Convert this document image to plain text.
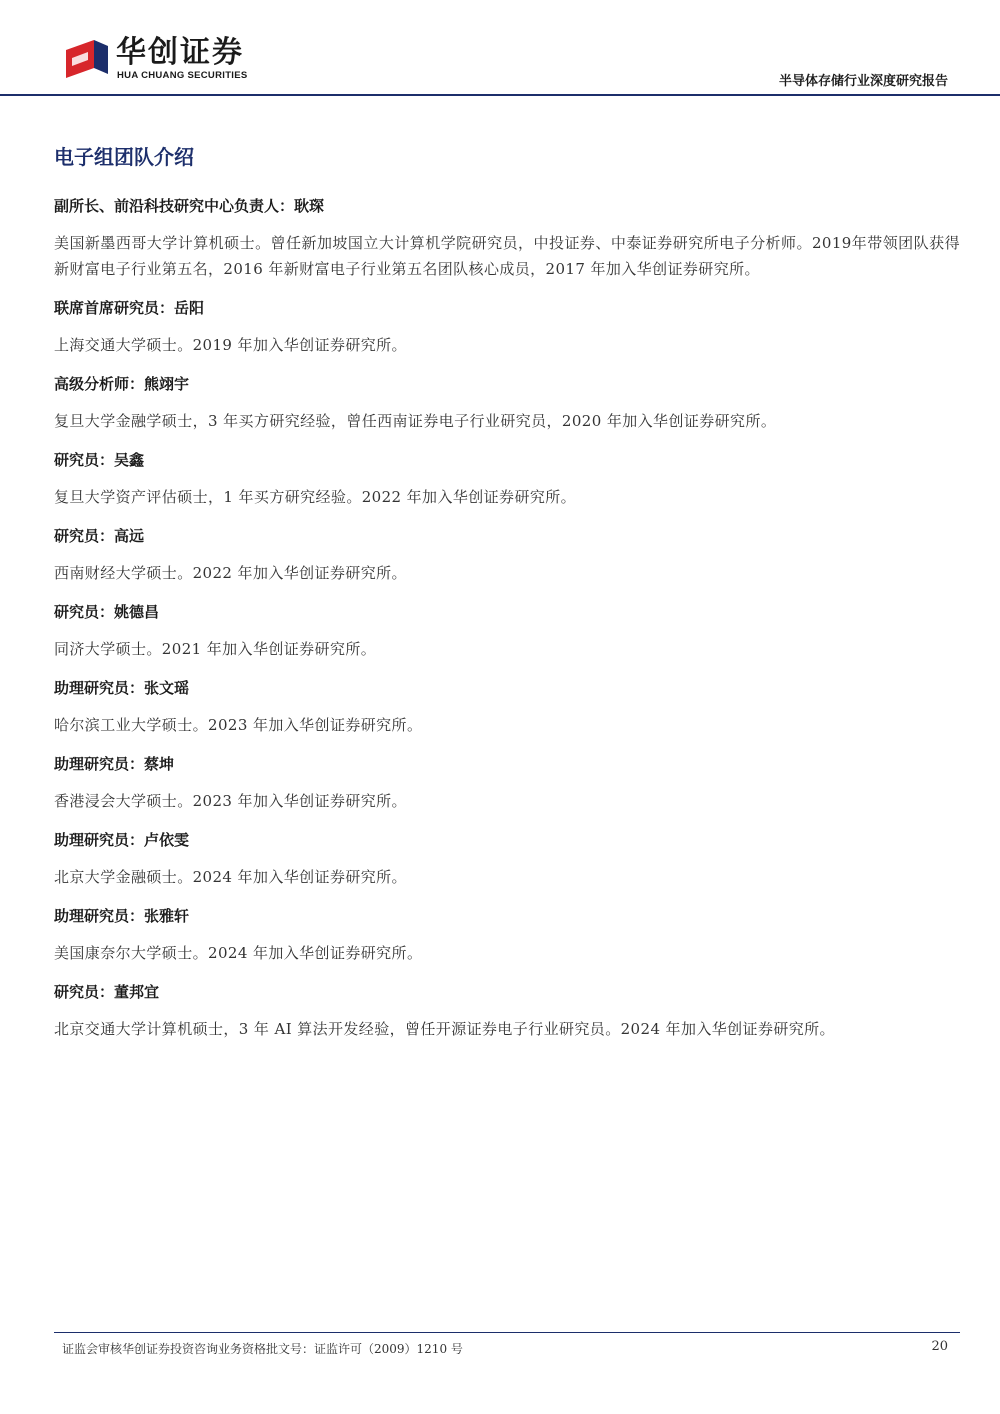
华创证券
HUA CHUANG SECURITIES	半导体存储行业深度研究报告
电子组团队介绍
副所长、前沿科技研究中心负责人：耿琛

美国新墨西哥大学计算机硕士。曾任新加坡国立大计算机学院研究员，中投证券、中泰证券研究所电子分析师。2019年带领团队获得新财富电子行业第五名，2016 年新财富电子行业第五名团队核心成员，2017 年加入华创证券研究所。

联席首席研究员：岳阳

上海交通大学硕士。2019 年加入华创证券研究所。

高级分析师：熊翊宇

复旦大学金融学硕士，3 年买方研究经验，曾任西南证券电子行业研究员，2020 年加入华创证券研究所。

研究员：吴鑫

复旦大学资产评估硕士，1 年买方研究经验。2022 年加入华创证券研究所。

研究员：高远

西南财经大学硕士。2022 年加入华创证券研究所。

研究员：姚德昌

同济大学硕士。2021 年加入华创证券研究所。

助理研究员：张文瑶

哈尔滨工业大学硕士。2023 年加入华创证券研究所。

助理研究员：蔡坤

香港浸会大学硕士。2023 年加入华创证券研究所。

助理研究员：卢依雯

北京大学金融硕士。2024 年加入华创证券研究所。

助理研究员：张雅轩

美国康奈尔大学硕士。2024 年加入华创证券研究所。

研究员：董邦宜

北京交通大学计算机硕士，3 年 AI 算法开发经验，曾任开源证券电子行业研究员。2024 年加入华创证券研究所。

证监会审核华创证券投资咨询业务资格批文号：证监许可（2009）1210 号	20
